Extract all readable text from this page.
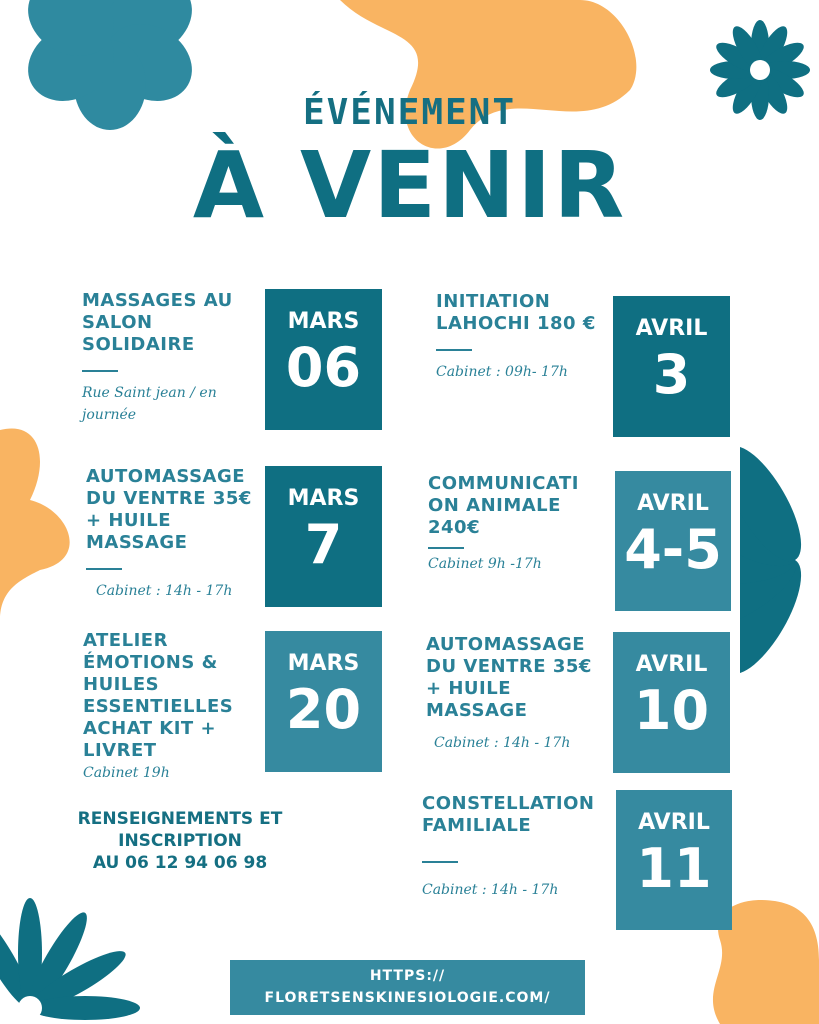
ÉVÉNEMENT
À VENIR
MASSAGES AU SALON SOLIDAIRE
Rue Saint jean / en journée
MARS
06
AUTOMASSAGE DU VENTRE 35€ + HUILE MASSAGE
Cabinet : 14h - 17h
MARS
7
ATELIER ÉMOTIONS & HUILES ESSENTIELLES ACHAT KIT + LIVRET
Cabinet 19h
MARS
20
INITIATION LAHOCHI 180 €
Cabinet : 09h- 17h
AVRIL
3
COMMUNICATI ON ANIMALE 240€
Cabinet 9h -17h
AVRIL
4-5
AUTOMASSAGE DU VENTRE 35€ + HUILE MASSAGE
Cabinet : 14h - 17h
AVRIL
10
CONSTELLATION FAMILIALE
Cabinet : 14h - 17h
AVRIL
11
RENSEIGNEMENTS ET INSCRIPTION
AU 06 12 94 06 98
HTTPS://
FLORETSENSKINESIOLOGIE.COM/
